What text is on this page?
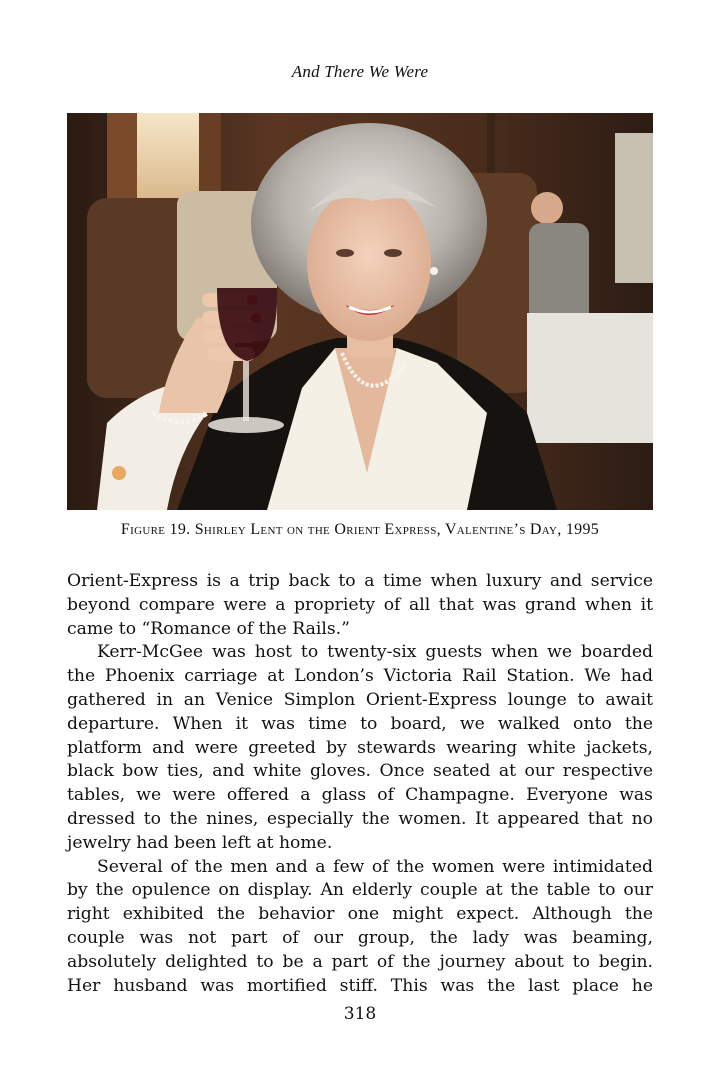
And There We Were
Figure 19. Shirley Lent on the Orient Express, Valentine’s Day, 1995

Orient-Express is a trip back to a time when luxury and service beyond compare were a propriety of all that was grand when it came to “Romance of the Rails.”

Kerr-McGee was host to twenty-six guests when we boarded the Phoenix carriage at London’s Victoria Rail Station. We had gathered in an Venice Simplon Orient-Express lounge to await departure. When it was time to board, we walked onto the platform and were greeted by stewards wearing white jackets, black bow ties, and white gloves. Once seated at our respective tables, we were offered a glass of Champagne. Everyone was dressed to the nines, especially the women. It appeared that no jewelry had been left at home.

Several of the men and a few of the women were intimidated by the opulence on display. An elderly couple at the table to our right exhibited the behavior one might expect. Although the couple was not part of our group, the lady was beaming, absolutely delighted to be a part of the journey about to begin. Her husband was mortified stiff. This was the last place he

318
